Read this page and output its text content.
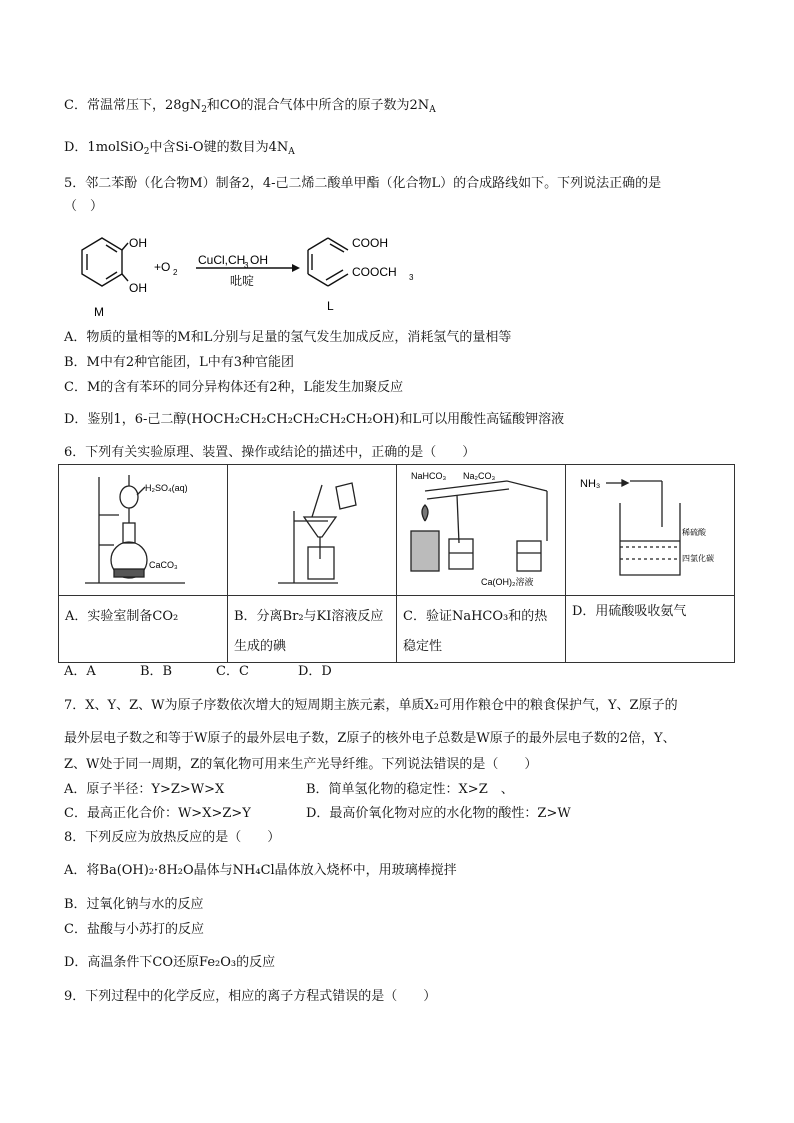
C．常温常压下，$28gN_2$和CO的混合气体中所含的原子数为$2N_A$
D．1molSiO$_2$中含Si-O键的数目为$4N_A$
5．邻二苯酚（化合物M）制备2，4-己二烯二酸单甲酯（化合物L）的合成路线如下。下列说法正确的是
（　）
OH
OH
M
+O 2
CuCl,CH
3 OH
吡啶
COOH
COOCH 3
L
A．物质的量相等的M和L分别与足量的氢气发生加成反应，消耗氢气的量相等
B．M中有2种官能团，L中有3种官能团
C．M的含有苯环的同分异构体还有2种，L能发生加聚反应
D．鉴别1，6-己二醇(HOCH₂CH₂CH₂CH₂CH₂CH₂OH)和L可以用酸性高锰酸钾溶液
6．下列有关实验原理、装置、操作或结论的描述中，正确的是（　　）
H₂SO₄(aq)
CaCO₃		NaHCO₃ Na₂CO₃
Ca(OH)₂溶液	NH₃
稀硫酸
四氯化碳

A．实验室制备CO₂	B．分离Br₂与KI溶液反应生成的碘	C．验证NaHCO₃和的热稳定性	D．用硫酸吸收氨气
A．A	B．B	C．C	D．D
7．X、Y、Z、W为原子序数依次增大的短周期主族元素，单质X₂可用作粮仓中的粮食保护气，Y、Z原子的
最外层电子数之和等于W原子的最外层电子数，Z原子的核外电子总数是W原子的最外层电子数的2倍，Y、
Z、W处于同一周期，Z的氧化物可用来生产光导纤维。下列说法错误的是（　　）
A．原子半径：Y>Z>W>X	B．简单氢化物的稳定性：X>Z　、
C．最高正化合价：W>X>Z>Y	D．最高价氧化物对应的水化物的酸性：Z>W
8．下列反应为放热反应的是（　　）
A．将Ba(OH)₂·8H₂O晶体与NH₄Cl晶体放入烧杯中，用玻璃棒搅拌
B．过氧化钠与水的反应
C．盐酸与小苏打的反应
D．高温条件下CO还原Fe₂O₃的反应
9．下列过程中的化学反应，相应的离子方程式错误的是（　　）
